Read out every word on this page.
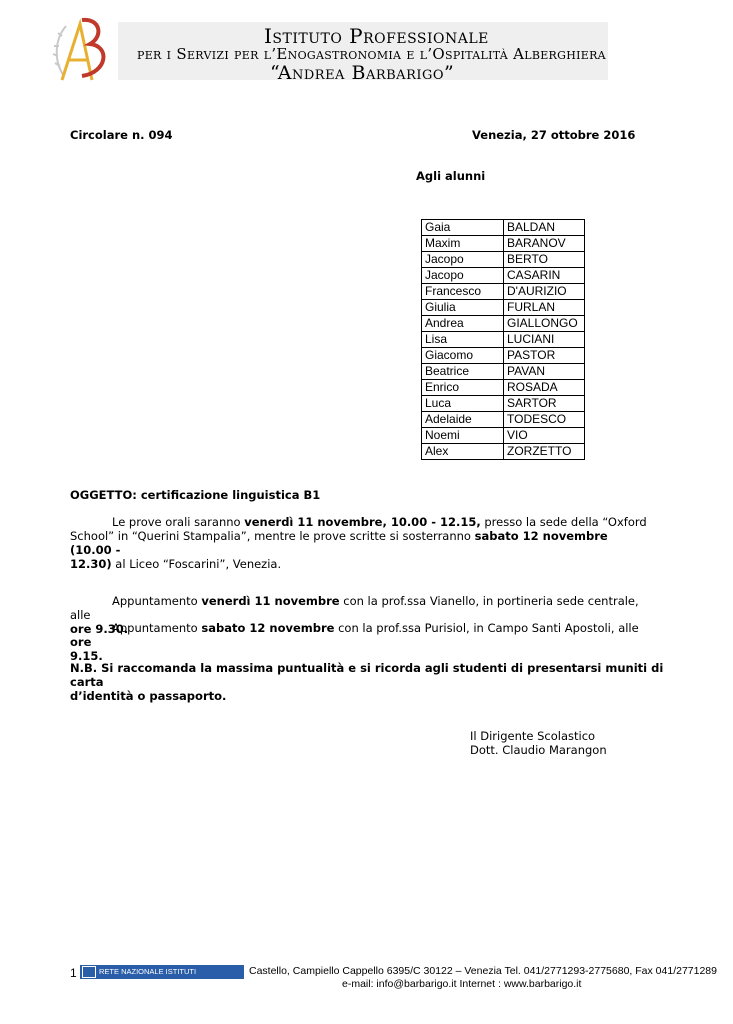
Istituto Professionale
per i Servizi per l’Enogastronomia e l’Ospitalità Alberghiera
“Andrea Barbarigo”
Circolare n. 094	Venezia, 27 ottobre 2016
Agli alunni
Gaia	BALDAN
Maxim	BARANOV
Jacopo	BERTO
Jacopo	CASARIN
Francesco	D'AURIZIO
Giulia	FURLAN
Andrea	GIALLONGO
Lisa	LUCIANI
Giacomo	PASTOR
Beatrice	PAVAN
Enrico	ROSADA
Luca	SARTOR
Adelaide	TODESCO
Noemi	VIO
Alex	ZORZETTO
OGGETTO: certificazione linguistica B1
Le prove orali saranno venerdì 11 novembre, 10.00 - 12.15, presso la sede della “Oxford
School” in “Querini Stampalia”, mentre le prove scritte si sosterranno sabato 12 novembre (10.00 -
12.30) al Liceo “Foscarini”, Venezia.
Appuntamento venerdì 11 novembre con la prof.ssa Vianello, in portineria sede centrale, alle
ore 9.30.
Appuntamento sabato 12 novembre con la prof.ssa Purisiol, in Campo Santi Apostoli, alle ore
9.15.
N.B. Si raccomanda la massima puntualità e si ricorda agli studenti di presentarsi muniti di carta
d’identità o passaporto.
Il Dirigente Scolastico
Dott. Claudio Marangon
1	RETE NAZIONALE ISTITUTI ALBERGHIERI
Castello, Campiello Cappello 6395/C 30122 – Venezia Tel. 041/2771293-2775680, Fax 041/2771289
e-mail: info@barbarigo.it Internet : www.barbarigo.it
